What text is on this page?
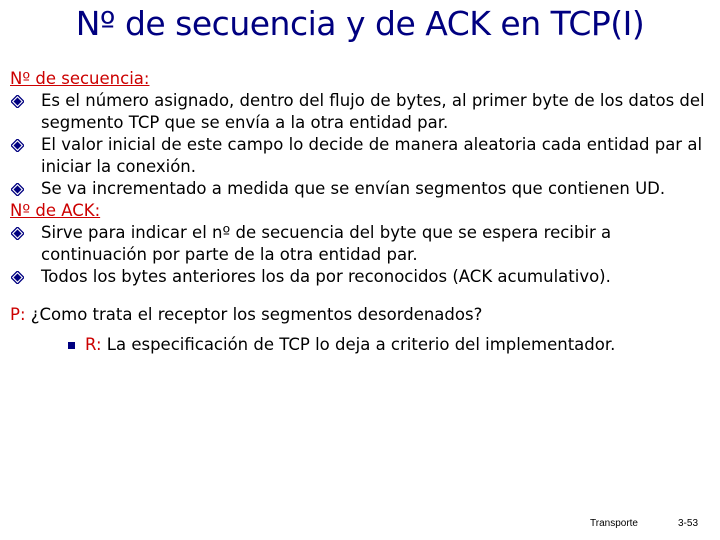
Nº de secuencia y de ACK en TCP(I)
Nº de secuencia:
Es el número asignado, dentro del flujo de bytes, al primer byte de los datos del segmento TCP que se envía a la otra entidad par.
El valor inicial de este campo lo decide de manera aleatoria cada entidad par al iniciar la conexión.
Se va incrementado a medida que se envían segmentos que contienen UD.
Nº de ACK:
Sirve para indicar el nº de secuencia del byte que se espera recibir a continuación por parte de la otra entidad par.
Todos los bytes anteriores los da por reconocidos (ACK acumulativo).
P: ¿Como trata el receptor los segmentos desordenados?
R: La especificación de TCP lo deja a criterio del implementador.
Transporte	3-53
